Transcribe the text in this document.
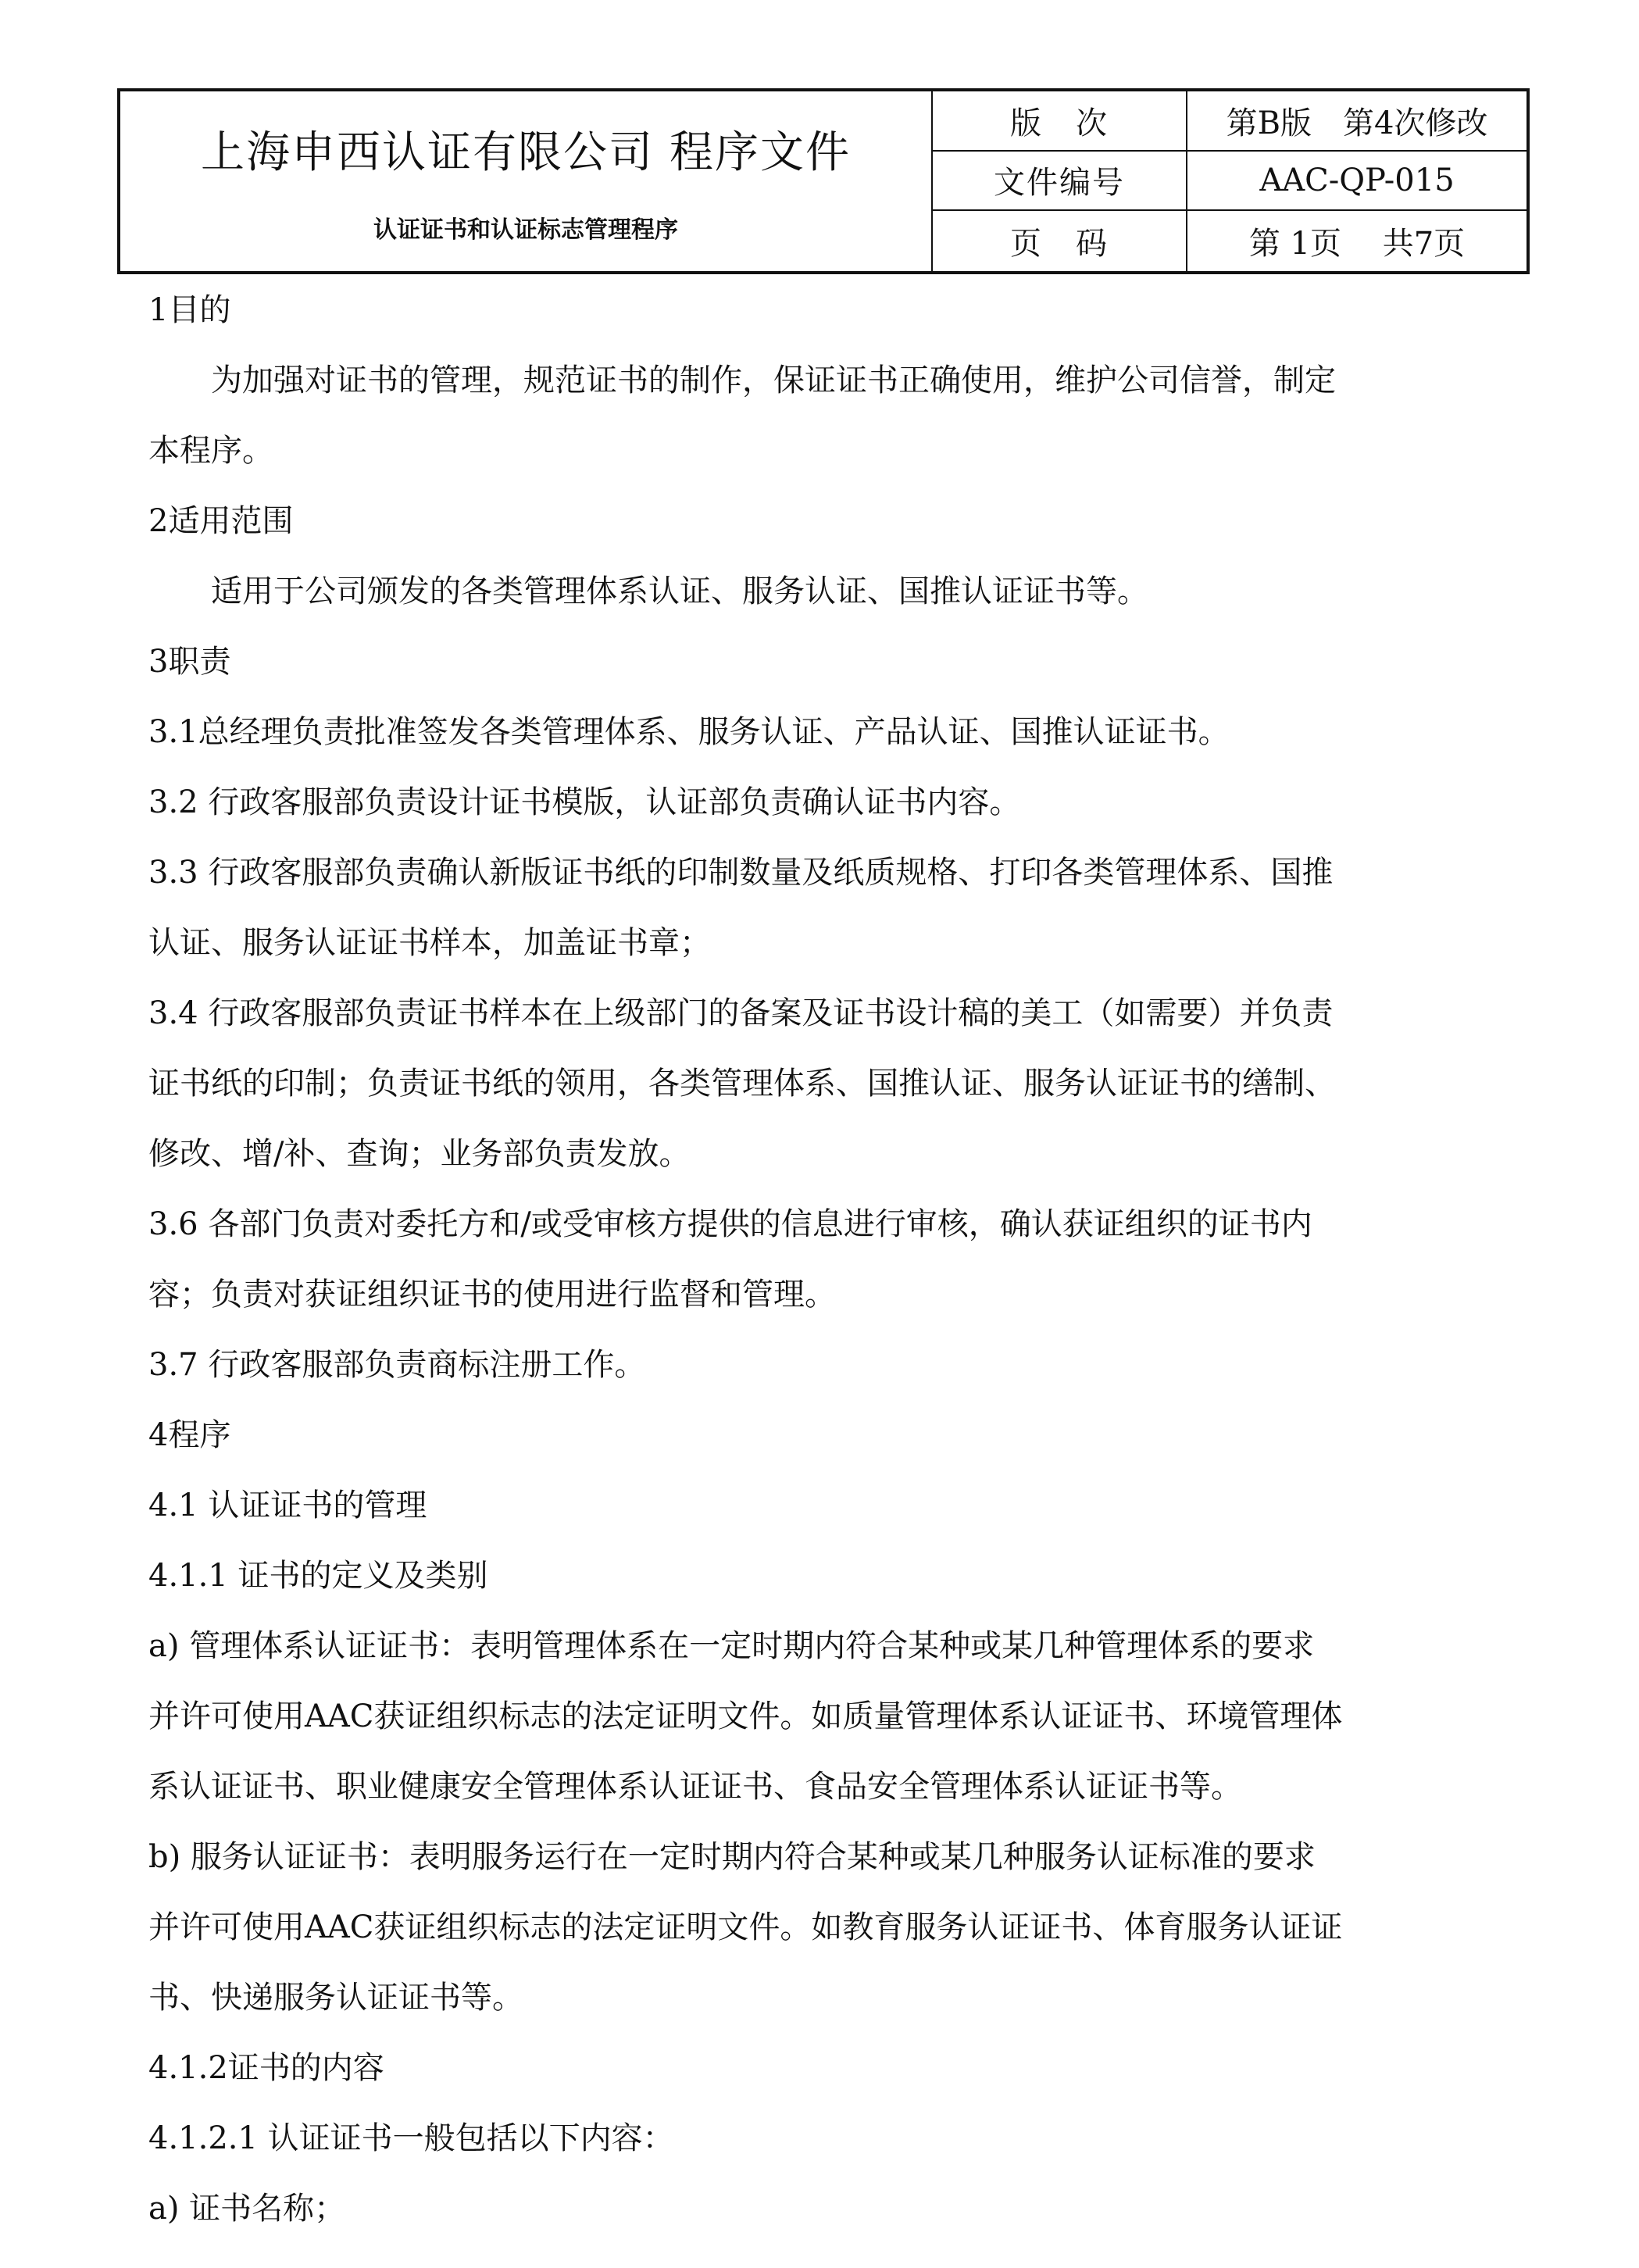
上海申西认证有限公司 程序文件
认证证书和认证标志管理程序
版　次	第B版　第4次修改
文件编号	AAC-QP-015
页　码	第 1页　 共7页
1目的
为加强对证书的管理，规范证书的制作，保证证书正确使用，维护公司信誉，制定
本程序。
2适用范围
适用于公司颁发的各类管理体系认证、服务认证、国推认证证书等。
3职责
3.1总经理负责批准签发各类管理体系、服务认证、产品认证、国推认证证书。
3.2 行政客服部负责设计证书模版，认证部负责确认证书内容。
3.3 行政客服部负责确认新版证书纸的印制数量及纸质规格、打印各类管理体系、国推
认证、服务认证证书样本，加盖证书章；
3.4 行政客服部负责证书样本在上级部门的备案及证书设计稿的美工（如需要）并负责
证书纸的印制；负责证书纸的领用，各类管理体系、国推认证、服务认证证书的缮制、
修改、增/补、查询；业务部负责发放。
3.6 各部门负责对委托方和/或受审核方提供的信息进行审核，确认获证组织的证书内
容；负责对获证组织证书的使用进行监督和管理。
3.7 行政客服部负责商标注册工作。
4程序
4.1 认证证书的管理
4.1.1 证书的定义及类别
a) 管理体系认证证书：表明管理体系在一定时期内符合某种或某几种管理体系的要求
并许可使用AAC获证组织标志的法定证明文件。如质量管理体系认证证书、环境管理体
系认证证书、职业健康安全管理体系认证证书、食品安全管理体系认证证书等。
b) 服务认证证书：表明服务运行在一定时期内符合某种或某几种服务认证标准的要求
并许可使用AAC获证组织标志的法定证明文件。如教育服务认证证书、体育服务认证证
书、快递服务认证证书等。
4.1.2证书的内容
4.1.2.1 认证证书一般包括以下内容：
a) 证书名称；
